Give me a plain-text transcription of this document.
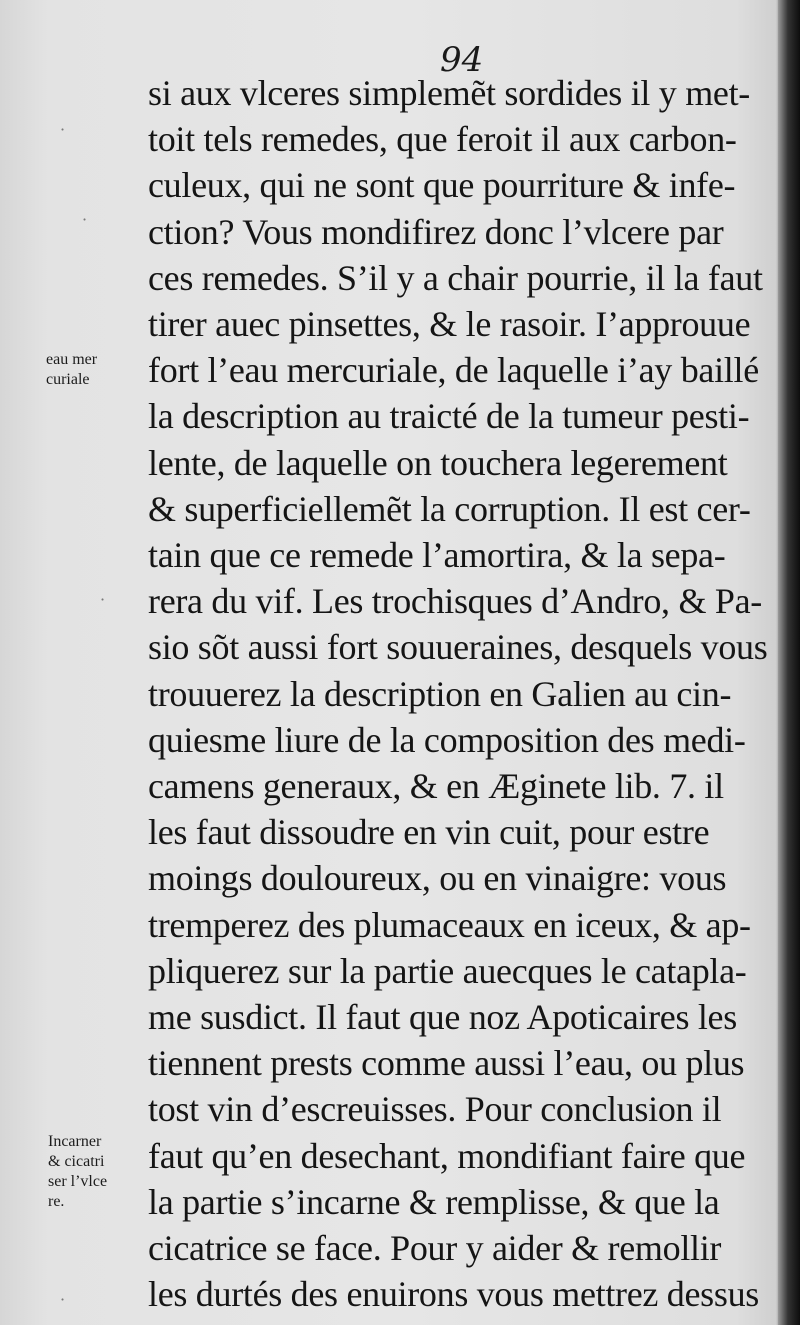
94
si aux vlceres simplemẽt sordides il y met-
toit tels remedes, que feroit il aux carbon-
culeux, qui ne sont que pourriture & infe-
ction? Vous mondifirez donc l’vlcere par
ces remedes. S’il y a chair pourrie, il la faut
tirer auec pinsettes, & le rasoir. I’approuue
fort l’eau mercuriale, de laquelle i’ay baillé
la description au traicté de la tumeur pesti-
lente, de laquelle on touchera legerement
& superficiellemẽt la corruption. Il est cer-
tain que ce remede l’amortira, & la sepa-
rera du vif. Les trochisques d’Andro, & Pa-
sio sõt aussi fort souueraines, desquels vous
trouuerez la description en Galien au cin-
quiesme liure de la composition des medi-
camens generaux, & en Æginete lib. 7. il
les faut dissoudre en vin cuit, pour estre
moings douloureux, ou en vinaigre: vous
tremperez des plumaceaux en iceux, & ap-
pliquerez sur la partie auecques le catapla-
me susdict. Il faut que noz Apoticaires les
tiennent prests comme aussi l’eau, ou plus
tost vin d’escreuisses. Pour conclusion il
faut qu’en desechant, mondifiant faire que
la partie s’incarne & remplisse, & que la
cicatrice se face. Pour y aider & remollir
les durtés des enuirons vous mettrez dessus
eau mer
curiale
Incarner
& cicatri
ser l’vlce
re.
·
·
·
·
